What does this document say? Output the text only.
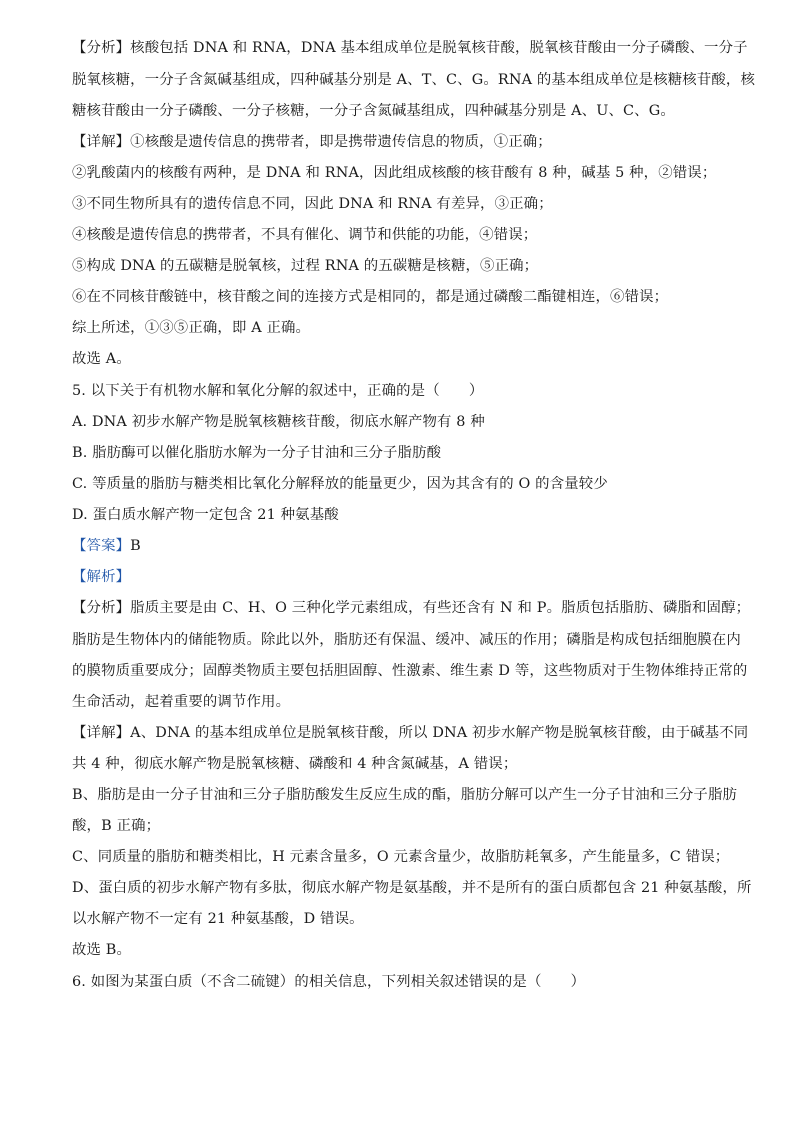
【分析】核酸包括 DNA 和 RNA，DNA 基本组成单位是脱氧核苷酸，脱氧核苷酸由一分子磷酸、一分子
脱氧核糖，一分子含氮碱基组成，四种碱基分别是 A、T、C、G。RNA 的基本组成单位是核糖核苷酸，核
糖核苷酸由一分子磷酸、一分子核糖，一分子含氮碱基组成，四种碱基分别是 A、U、C、G。
【详解】①核酸是遗传信息的携带者，即是携带遗传信息的物质，①正确；
②乳酸菌内的核酸有两种，是 DNA 和 RNA，因此组成核酸的核苷酸有 8 种，碱基 5 种，②错误；
③不同生物所具有的遗传信息不同，因此 DNA 和 RNA 有差异，③正确；
④核酸是遗传信息的携带者，不具有催化、调节和供能的功能，④错误；
⑤构成 DNA 的五碳糖是脱氧核，过程 RNA 的五碳糖是核糖，⑤正确；
⑥在不同核苷酸链中，核苷酸之间的连接方式是相同的，都是通过磷酸二酯键相连，⑥错误；
综上所述，①③⑤正确，即 A 正确。
故选 A。
5. 以下关于有机物水解和氧化分解的叙述中，正确的是（　　）
A. DNA 初步水解产物是脱氧核糖核苷酸，彻底水解产物有 8 种
B. 脂肪酶可以催化脂肪水解为一分子甘油和三分子脂肪酸
C. 等质量的脂肪与糖类相比氧化分解释放的能量更少，因为其含有的 O 的含量较少
D. 蛋白质水解产物一定包含 21 种氨基酸
【答案】B
【解析】
【分析】脂质主要是由 C、H、O 三种化学元素组成，有些还含有 N 和 P。脂质包括脂肪、磷脂和固醇；
脂肪是生物体内的储能物质。除此以外，脂肪还有保温、缓冲、减压的作用；磷脂是构成包括细胞膜在内
的膜物质重要成分；固醇类物质主要包括胆固醇、性激素、维生素 D 等，这些物质对于生物体维持正常的
生命活动，起着重要的调节作用。
【详解】A、DNA 的基本组成单位是脱氧核苷酸，所以 DNA 初步水解产物是脱氧核苷酸，由于碱基不同
共 4 种，彻底水解产物是脱氧核糖、磷酸和 4 种含氮碱基，A 错误；
B、脂肪是由一分子甘油和三分子脂肪酸发生反应生成的酯，脂肪分解可以产生一分子甘油和三分子脂肪
酸，B 正确；
C、同质量的脂肪和糖类相比，H 元素含量多，O 元素含量少，故脂肪耗氧多，产生能量多，C 错误；
D、蛋白质的初步水解产物有多肽，彻底水解产物是氨基酸，并不是所有的蛋白质都包含 21 种氨基酸，所
以水解产物不一定有 21 种氨基酸，D 错误。
故选 B。
6. 如图为某蛋白质（不含二硫键）的相关信息，下列相关叙述错误的是（　　）
